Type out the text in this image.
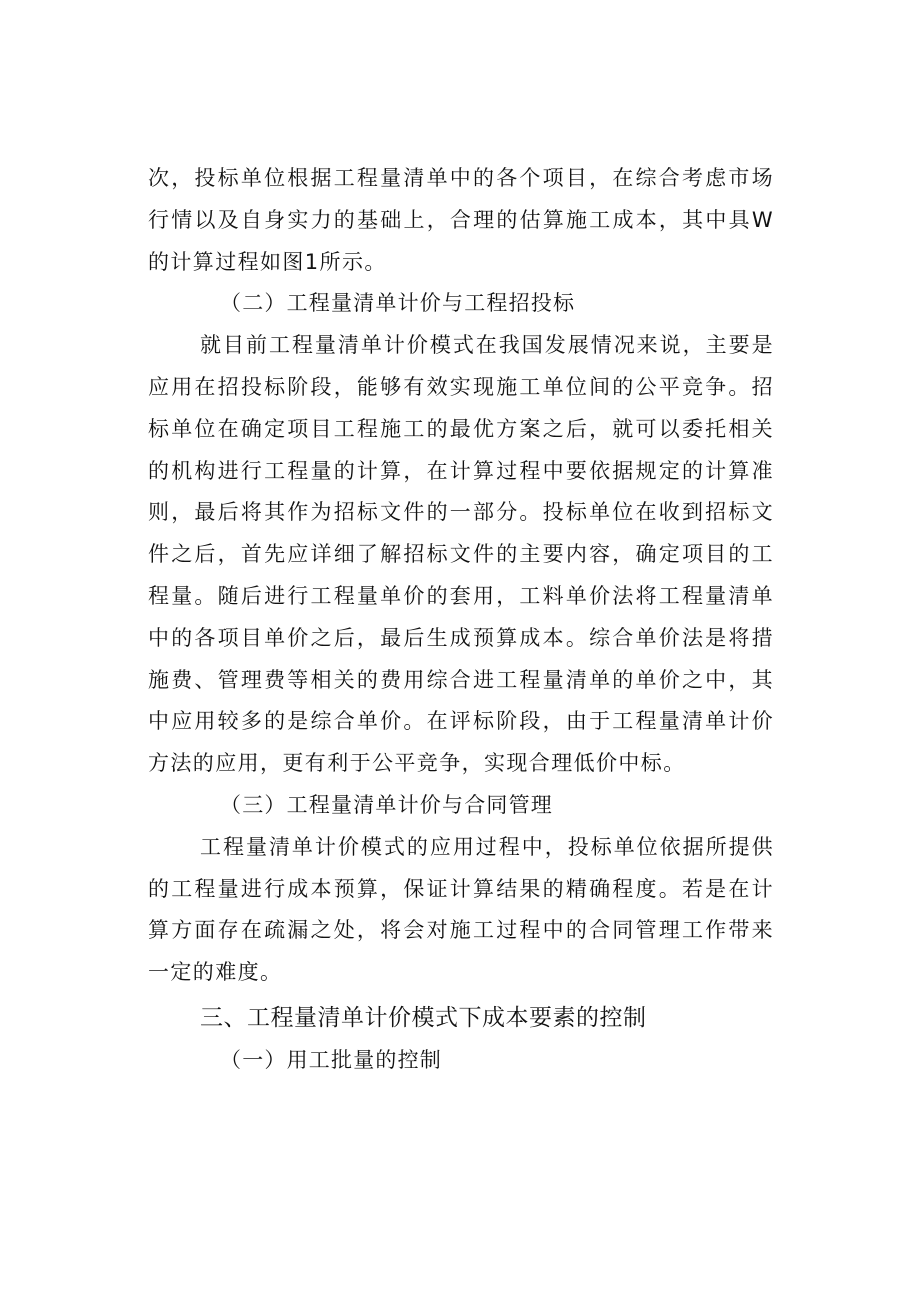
次，投标单位根据工程量清单中的各个项目，在综合考虑市场行情以及自身实力的基础上，合理的估算施工成本，其中具W的计算过程如图1所示。

（二）工程量清单计价与工程招投标

就目前工程量清单计价模式在我国发展情况来说，主要是应用在招投标阶段，能够有效实现施工单位间的公平竞争。招标单位在确定项目工程施工的最优方案之后，就可以委托相关的机构进行工程量的计算，在计算过程中要依据规定的计算准则，最后将其作为招标文件的一部分。投标单位在收到招标文件之后，首先应详细了解招标文件的主要内容，确定项目的工程量。随后进行工程量单价的套用，工料单价法将工程量清单中的各项目单价之后，最后生成预算成本。综合单价法是将措施费、管理费等相关的费用综合进工程量清单的单价之中，其中应用较多的是综合单价。在评标阶段，由于工程量清单计价方法的应用，更有利于公平竞争，实现合理低价中标。

（三）工程量清单计价与合同管理

工程量清单计价模式的应用过程中，投标单位依据所提供的工程量进行成本预算，保证计算结果的精确程度。若是在计算方面存在疏漏之处，将会对施工过程中的合同管理工作带来一定的难度。

三、工程量清单计价模式下成本要素的控制

（一）用工批量的控制
